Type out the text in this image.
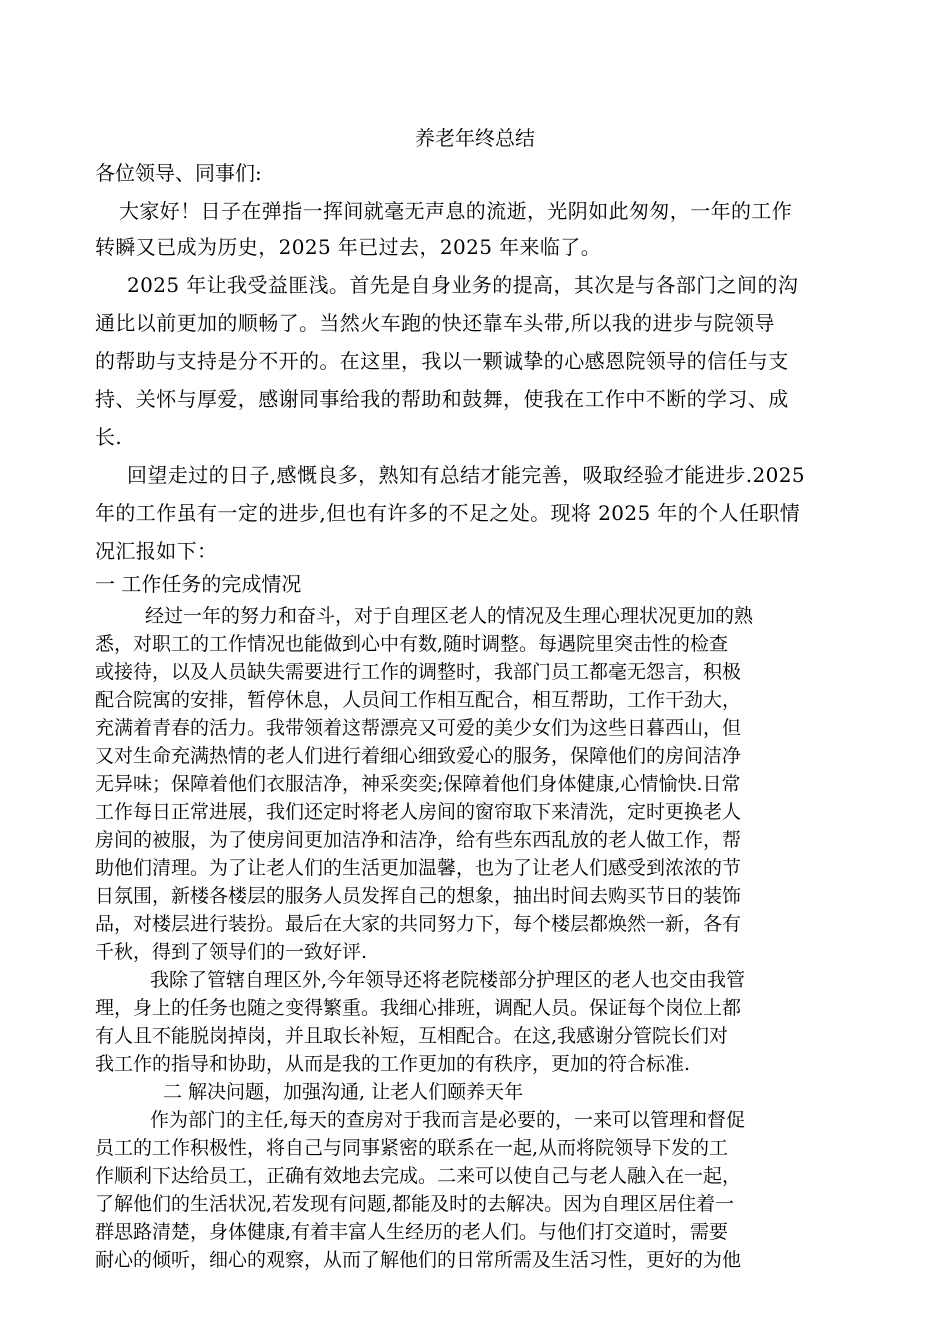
养老年终总结
各位领导、同事们:
大家好！日子在弹指一挥间就毫无声息的流逝，光阴如此匆匆，一年的工作
转瞬又已成为历史，2025 年已过去，2025 年来临了。
2025 年让我受益匪浅。首先是自身业务的提高，其次是与各部门之间的沟
通比以前更加的顺畅了。当然火车跑的快还靠车头带,所以我的进步与院领导
的帮助与支持是分不开的。在这里，我以一颗诚挚的心感恩院领导的信任与支
持、关怀与厚爱，感谢同事给我的帮助和鼓舞，使我在工作中不断的学习、成
长.
回望走过的日子,感慨良多，熟知有总结才能完善，吸取经验才能进步.2025
年的工作虽有一定的进步,但也有许多的不足之处。现将 2025 年的个人任职情
况汇报如下：
一 工作任务的完成情况
经过一年的努力和奋斗，对于自理区老人的情况及生理心理状况更加的熟
悉，对职工的工作情况也能做到心中有数,随时调整。每遇院里突击性的检查
或接待，以及人员缺失需要进行工作的调整时，我部门员工都毫无怨言，积极
配合院寓的安排，暂停休息，人员间工作相互配合，相互帮助，工作干劲大，
充满着青春的活力。我带领着这帮漂亮又可爱的美少女们为这些日暮西山，但
又对生命充满热情的老人们进行着细心细致爱心的服务，保障他们的房间洁净
无异味；保障着他们衣服洁净，神采奕奕;保障着他们身体健康,心情愉快.日常
工作每日正常进展，我们还定时将老人房间的窗帘取下来清洗，定时更换老人
房间的被服，为了使房间更加洁净和洁净，给有些东西乱放的老人做工作，帮
助他们清理。为了让老人们的生活更加温馨，也为了让老人们感受到浓浓的节
日氛围，新楼各楼层的服务人员发挥自己的想象，抽出时间去购买节日的装饰
品，对楼层进行装扮。最后在大家的共同努力下，每个楼层都焕然一新，各有
千秋，得到了领导们的一致好评.
我除了管辖自理区外,今年领导还将老院楼部分护理区的老人也交由我管
理，身上的任务也随之变得繁重。我细心排班，调配人员。保证每个岗位上都
有人且不能脱岗掉岗，并且取长补短，互相配合。在这,我感谢分管院长们对
我工作的指导和协助，从而是我的工作更加的有秩序，更加的符合标准.
二 解决问题，加强沟通, 让老人们颐养天年
作为部门的主任,每天的查房对于我而言是必要的，一来可以管理和督促
员工的工作积极性，将自己与同事紧密的联系在一起,从而将院领导下发的工
作顺利下达给员工，正确有效地去完成。二来可以使自己与老人融入在一起，
了解他们的生活状况,若发现有问题,都能及时的去解决。因为自理区居住着一
群思路清楚，身体健康,有着丰富人生经历的老人们。与他们打交道时，需要
耐心的倾听，细心的观察，从而了解他们的日常所需及生活习性，更好的为他
